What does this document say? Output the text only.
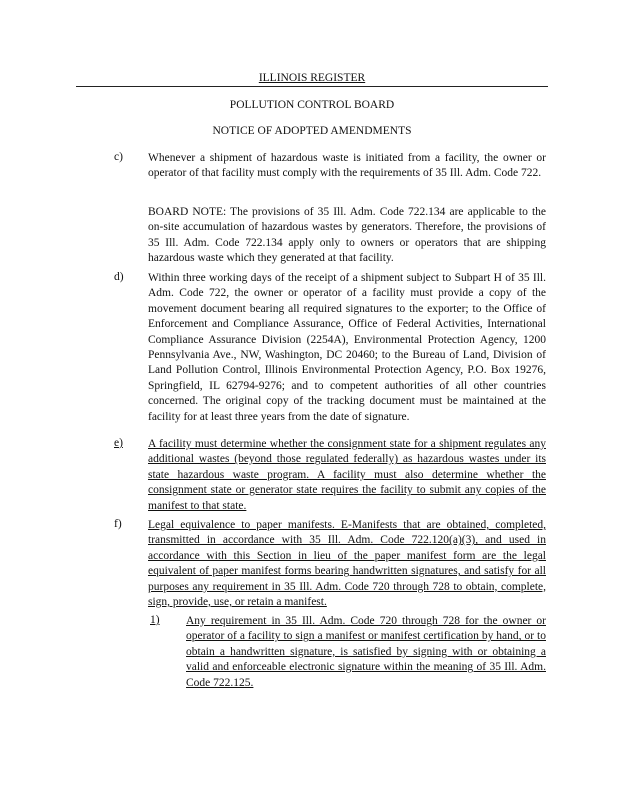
ILLINOIS REGISTER
POLLUTION CONTROL BOARD
NOTICE OF ADOPTED AMENDMENTS
c) Whenever a shipment of hazardous waste is initiated from a facility, the owner or operator of that facility must comply with the requirements of 35 Ill. Adm. Code 722.

BOARD NOTE: The provisions of 35 Ill. Adm. Code 722.134 are applicable to the on-site accumulation of hazardous wastes by generators. Therefore, the provisions of 35 Ill. Adm. Code 722.134 apply only to owners or operators that are shipping hazardous waste which they generated at that facility.

d) Within three working days of the receipt of a shipment subject to Subpart H of 35 Ill. Adm. Code 722, the owner or operator of a facility must provide a copy of the movement document bearing all required signatures to the exporter; to the Office of Enforcement and Compliance Assurance, Office of Federal Activities, International Compliance Assurance Division (2254A), Environmental Protection Agency, 1200 Pennsylvania Ave., NW, Washington, DC 20460; to the Bureau of Land, Division of Land Pollution Control, Illinois Environmental Protection Agency, P.O. Box 19276, Springfield, IL 62794-9276; and to competent authorities of all other countries concerned. The original copy of the tracking document must be maintained at the facility for at least three years from the date of signature.

e) A facility must determine whether the consignment state for a shipment regulates any additional wastes (beyond those regulated federally) as hazardous wastes under its state hazardous waste program. A facility must also determine whether the consignment state or generator state requires the facility to submit any copies of the manifest to that state.

f) Legal equivalence to paper manifests. E-Manifests that are obtained, completed, transmitted in accordance with 35 Ill. Adm. Code 722.120(a)(3), and used in accordance with this Section in lieu of the paper manifest form are the legal equivalent of paper manifest forms bearing handwritten signatures, and satisfy for all purposes any requirement in 35 Ill. Adm. Code 720 through 728 to obtain, complete, sign, provide, use, or retain a manifest.

1) Any requirement in 35 Ill. Adm. Code 720 through 728 for the owner or operator of a facility to sign a manifest or manifest certification by hand, or to obtain a handwritten signature, is satisfied by signing with or obtaining a valid and enforceable electronic signature within the meaning of 35 Ill. Adm. Code 722.125.
